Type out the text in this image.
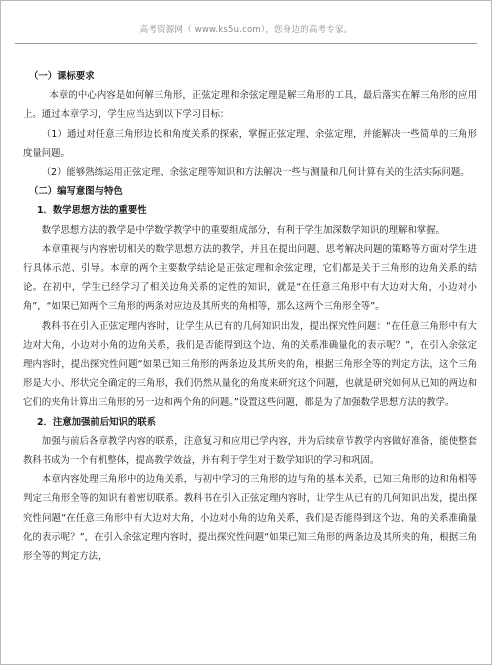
高考资源网（ www.ks5u.com），您身边的高考专家。

（一）课标要求

本章的中心内容是如何解三角形，正弦定理和余弦定理是解三角形的工具，最后落实在解三角形的应用上。通过本章学习，学生应当达到以下学习目标：

（1）通过对任意三角形边长和角度关系的探索，掌握正弦定理、余弦定理，并能解决一些简单的三角形度量问题。

（2）能够熟练运用正弦定理、余弦定理等知识和方法解决一些与测量和几何计算有关的生活实际问题。

（二）编写意图与特色

1．数学思想方法的重要性

数学思想方法的教学是中学数学教学中的重要组成部分，有利于学生加深数学知识的理解和掌握。

本章重视与内容密切相关的数学思想方法的教学，并且在提出问题、思考解决问题的策略等方面对学生进行具体示范、引导。本章的两个主要数学结论是正弦定理和余弦定理，它们都是关于三角形的边角关系的结论。在初中，学生已经学习了相关边角关系的定性的知识，就是“在任意三角形中有大边对大角，小边对小角”，“如果已知两个三角形的两条对应边及其所夹的角相等，那么这两个三角形全等”。

教科书在引入正弦定理内容时，让学生从已有的几何知识出发，提出探究性问题：“在任意三角形中有大边对大角，小边对小角的边角关系，我们是否能得到这个边、角的关系准确量化的表示呢？”，在引入余弦定理内容时，提出探究性问题“如果已知三角形的两条边及其所夹的角，根据三角形全等的判定方法，这个三角形是大小、形状完全确定的三角形，我们仍然从量化的角度来研究这个问题，也就是研究如何从已知的两边和它们的夹角计算出三角形的另一边和两个角的问题。”设置这些问题，都是为了加强数学思想方法的教学。

2．注意加强前后知识的联系

加强与前后各章教学内容的联系，注意复习和应用已学内容，并为后续章节教学内容做好准备，能使整套教科书成为一个有机整体，提高教学效益，并有利于学生对于数学知识的学习和巩固。

本章内容处理三角形中的边角关系，与初中学习的三角形的边与角的基本关系，已知三角形的边和角相等判定三角形全等的知识有着密切联系。教科书在引入正弦定理内容时，让学生从已有的几何知识出发，提出探究性问题“在任意三角形中有大边对大角，小边对小角的边角关系，我们是否能得到这个边、角的关系准确量化的表示呢？”，在引入余弦定理内容时，提出探究性问题“如果已知三角形的两条边及其所夹的角，根据三角形全等的判定方法，
